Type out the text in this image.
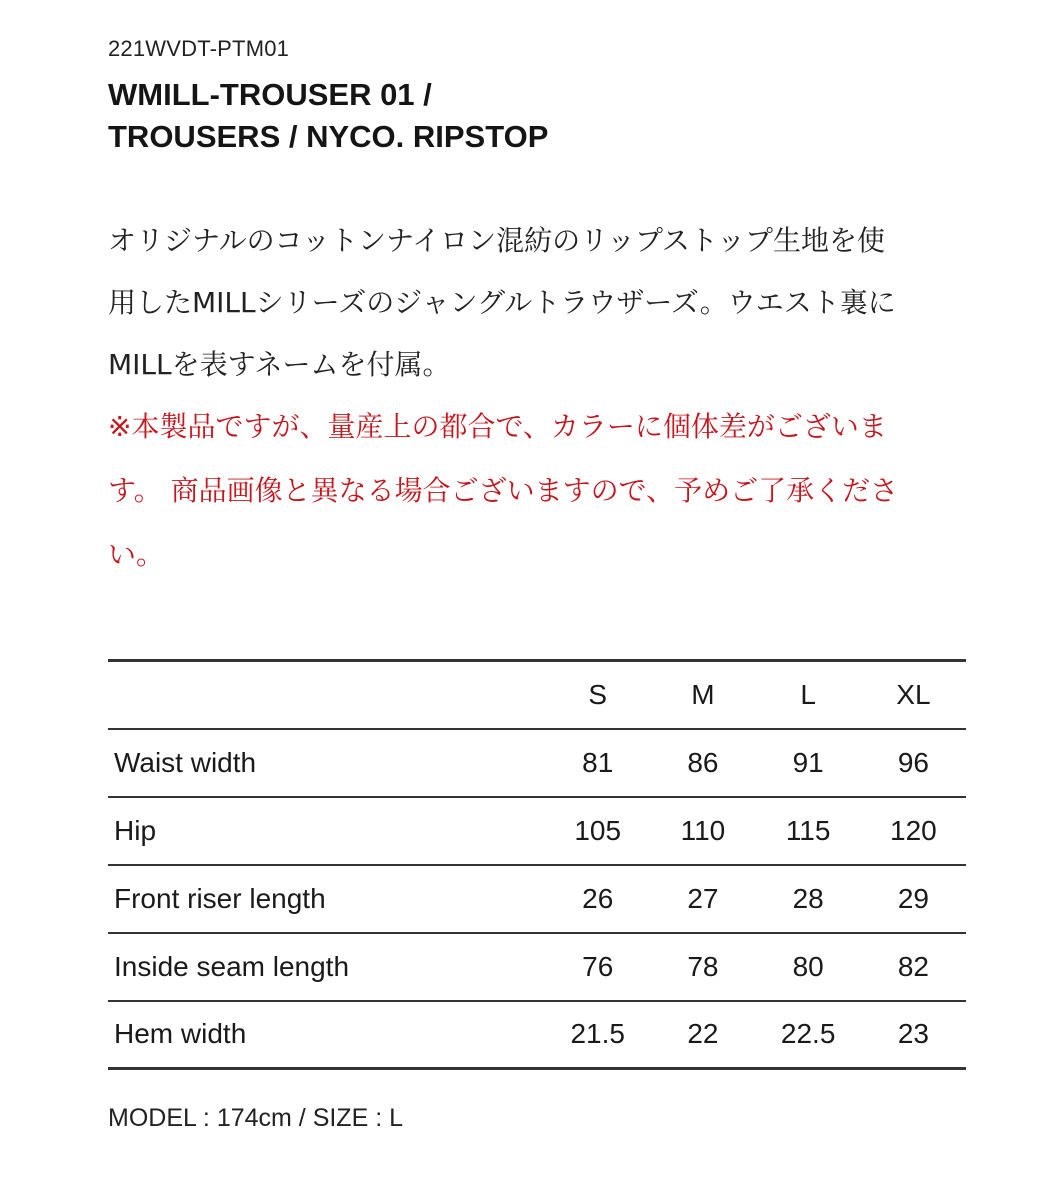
221WVDT-PTM01
WMILL-TROUSER 01 /
TROUSERS / NYCO. RIPSTOP

オリジナルのコットンナイロン混紡のリップストップ生地を使
用したMILLシリーズのジャングルトラウザーズ。ウエスト裏に
MILLを表すネームを付属。

※本製品ですが、量産上の都合で、カラーに個体差がございま
す。 商品画像と異なる場合ございますので、予めご了承くださ
い。

	S	M	L	XL
Waist width	81	86	91	96
Hip	105	110	115	120
Front riser length	26	27	28	29
Inside seam length	76	78	80	82
Hem width	21.5	22	22.5	23
MODEL : 174cm / SIZE : L
